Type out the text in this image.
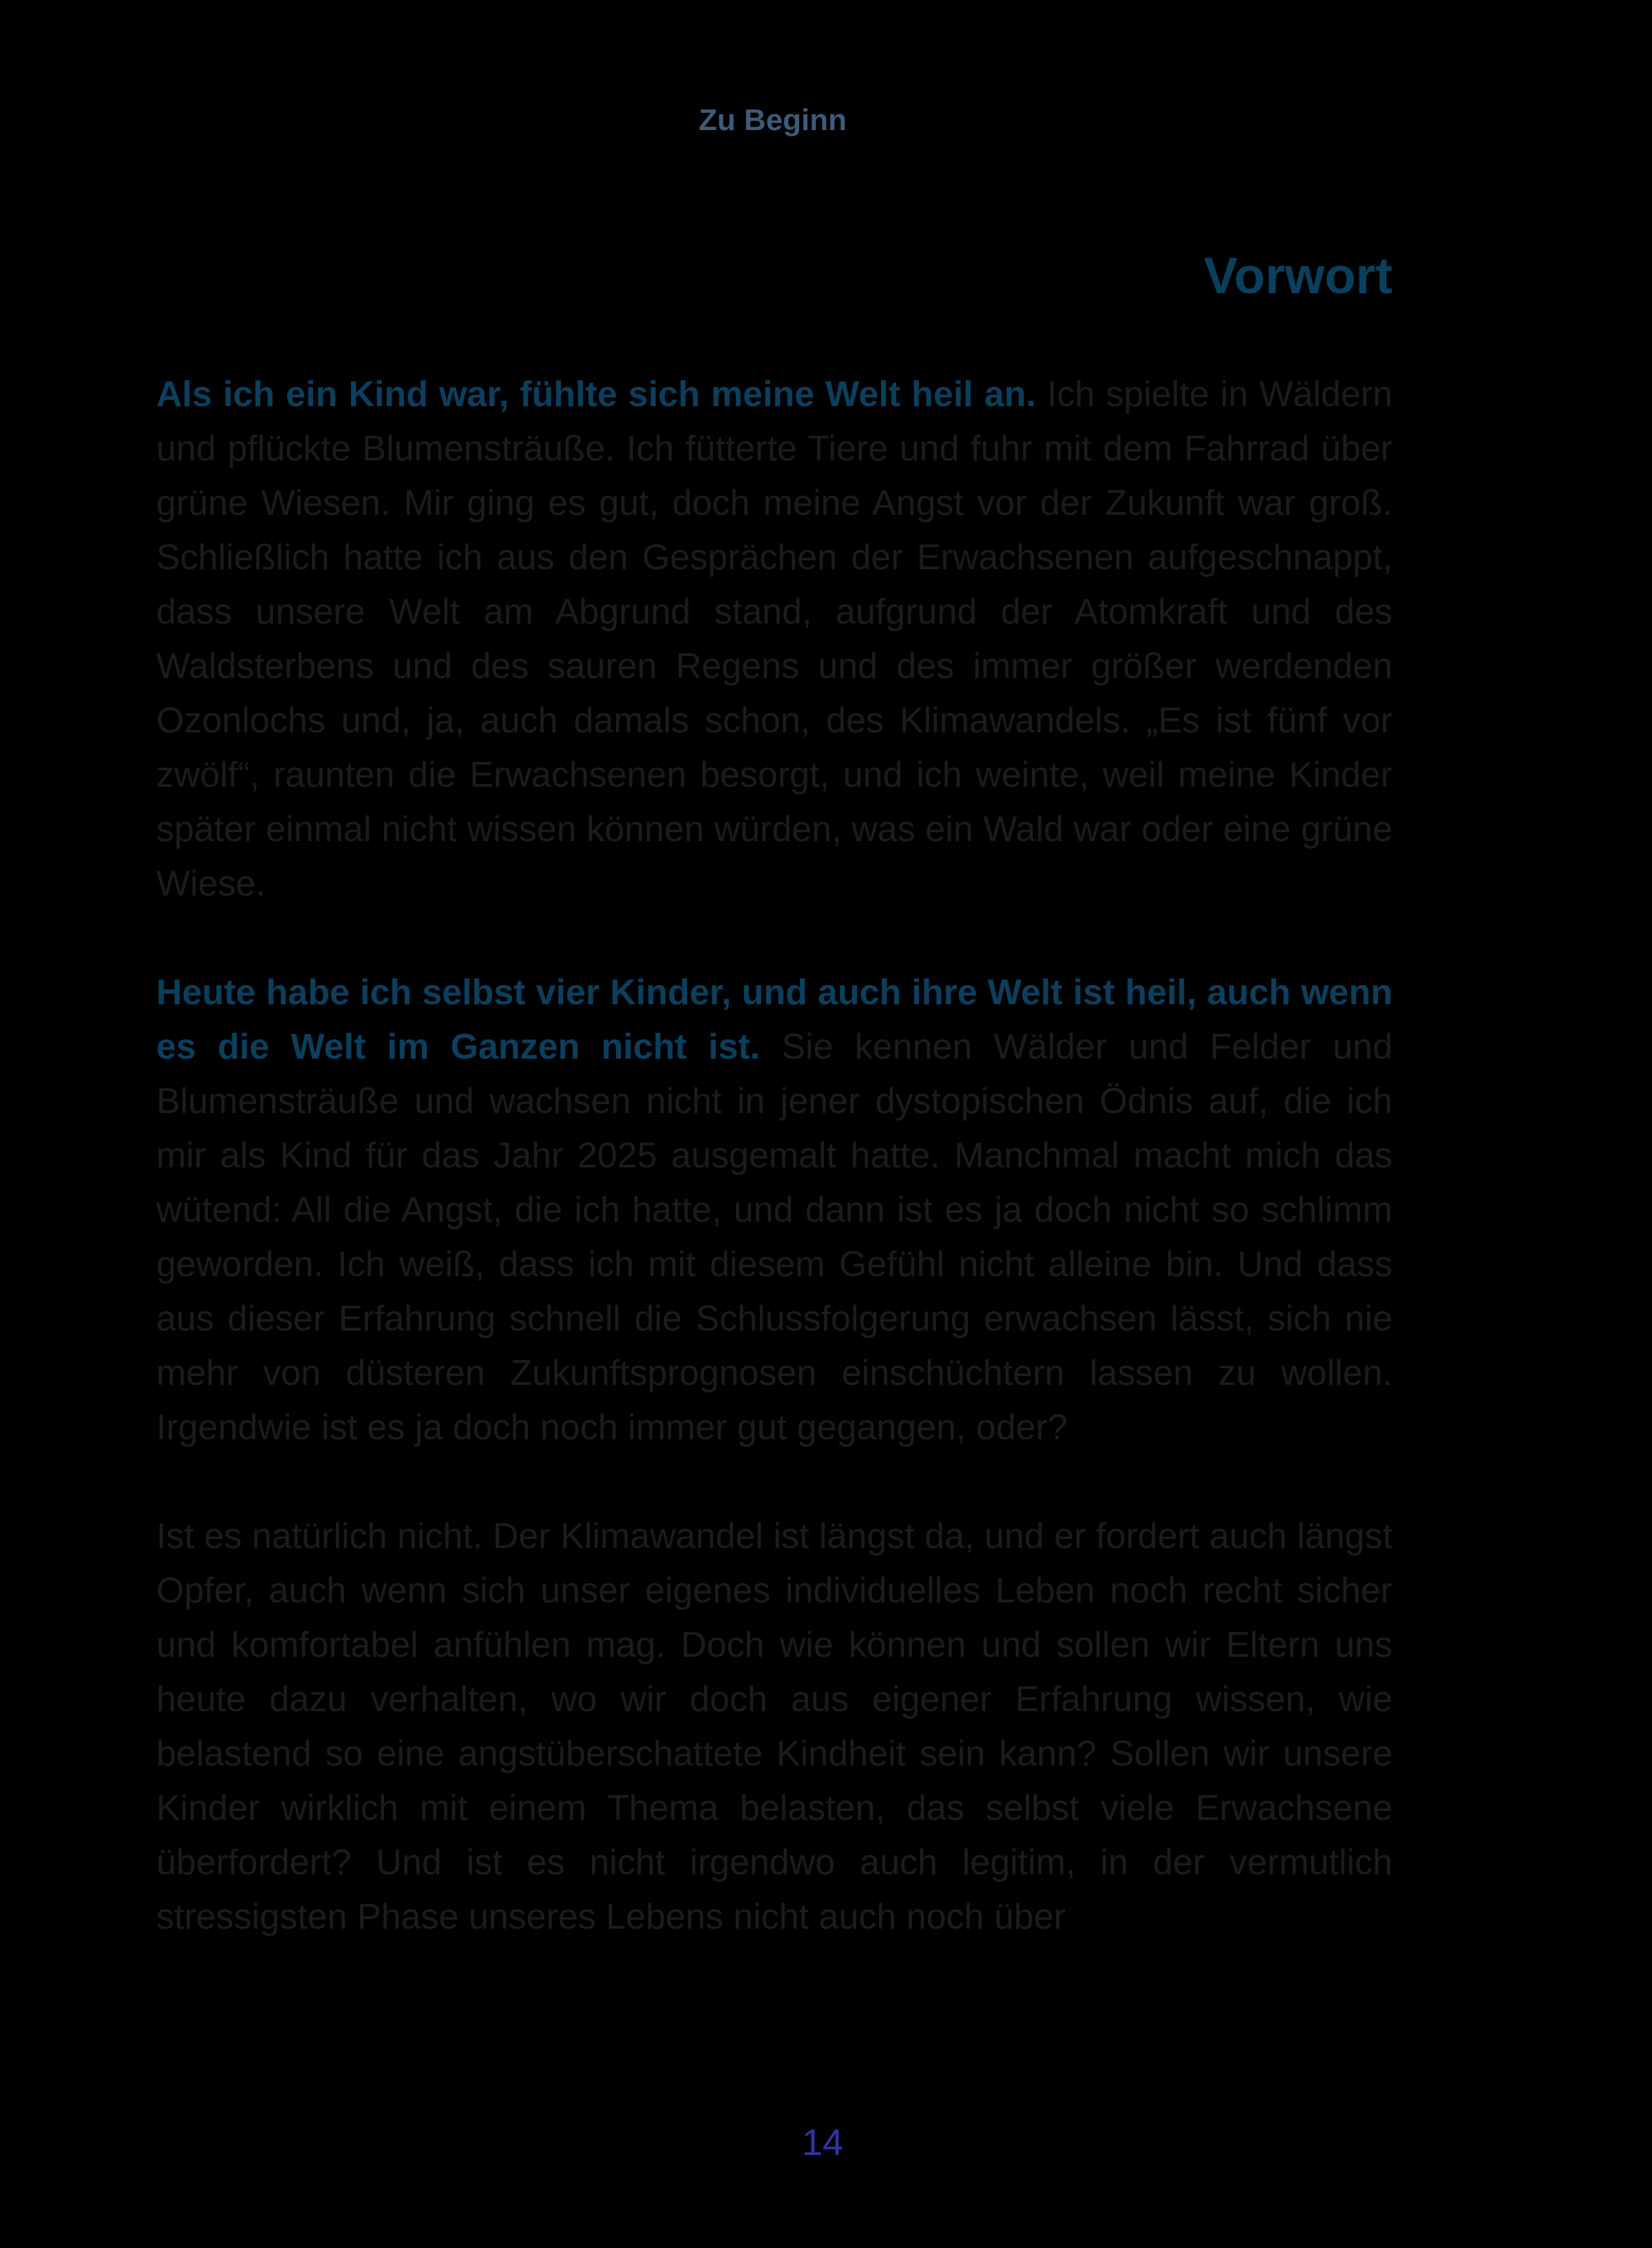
Zu Beginn
Vorwort

Als ich ein Kind war, fühlte sich meine Welt heil an. Ich spielte in Wäldern und pflückte Blumensträuße. Ich fütterte Tiere und fuhr mit dem Fahrrad über grüne Wiesen. Mir ging es gut, doch meine Angst vor der Zukunft war groß. Schließlich hatte ich aus den Gesprächen der Erwachsenen aufgeschnappt, dass unsere Welt am Abgrund stand, aufgrund der Atomkraft und des Waldsterbens und des sauren Regens und des immer größer werdenden Ozonlochs und, ja, auch damals schon, des Klimawandels. „Es ist fünf vor zwölf“, raunten die Erwachsenen besorgt, und ich weinte, weil meine Kinder später einmal nicht wissen können würden, was ein Wald war oder eine grüne Wiese.

Heute habe ich selbst vier Kinder, und auch ihre Welt ist heil, auch wenn es die Welt im Ganzen nicht ist. Sie kennen Wälder und Felder und Blumensträuße und wachsen nicht in jener dystopischen Ödnis auf, die ich mir als Kind für das Jahr 2025 ausgemalt hatte. Manchmal macht mich das wütend: All die Angst, die ich hatte, und dann ist es ja doch nicht so schlimm geworden. Ich weiß, dass ich mit diesem Gefühl nicht alleine bin. Und dass aus dieser Erfahrung schnell die Schlussfolgerung erwachsen lässt, sich nie mehr von düsteren Zukunftsprognosen einschüchtern lassen zu wollen. Irgendwie ist es ja doch noch immer gut gegangen, oder?

Ist es natürlich nicht. Der Klimawandel ist längst da, und er fordert auch längst Opfer, auch wenn sich unser eigenes individuelles Leben noch recht sicher und komfortabel anfühlen mag. Doch wie können und sollen wir Eltern uns heute dazu verhalten, wo wir doch aus eigener Erfahrung wissen, wie belastend so eine angstüberschattete Kindheit sein kann? Sollen wir unsere Kinder wirklich mit einem Thema belasten, das selbst viele Erwachsene überfordert? Und ist es nicht irgendwo auch legitim, in der vermutlich stressigsten Phase unseres Lebens nicht auch noch über

14
